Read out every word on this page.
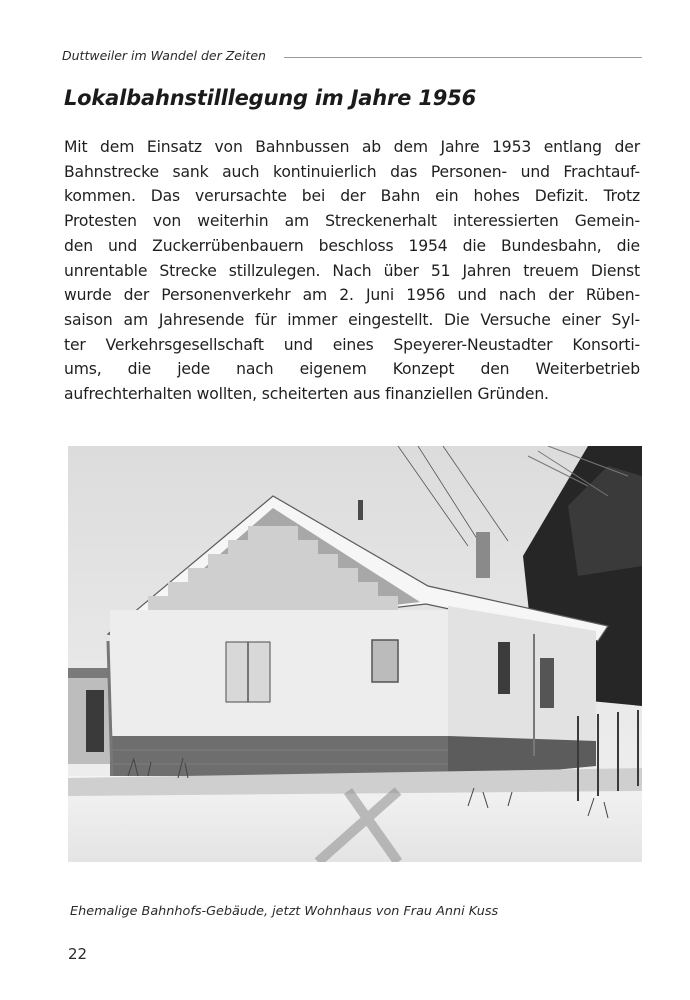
Duttweiler im Wandel der Zeiten
Lokalbahnstilllegung im Jahre 1956
Mit dem Einsatz von Bahnbussen ab dem Jahre 1953 entlang der
Bahnstrecke sank auch kontinuierlich das Personen- und Frachtauf-
kommen. Das verursachte bei der Bahn ein hohes Defizit. Trotz
Protesten von weiterhin am Streckenerhalt interessierten Gemein-
den und Zuckerrübenbauern beschloss 1954 die Bundesbahn, die
unrentable Strecke stillzulegen. Nach über 51 Jahren treuem Dienst
wurde der Personenverkehr am 2. Juni 1956 und nach der Rüben-
saison am Jahresende für immer eingestellt. Die Versuche einer Syl-
ter Verkehrsgesellschaft und eines Speyerer-Neustadter Konsorti-
ums, die jede nach eigenem Konzept den Weiterbetrieb
aufrechterhalten wollten, scheiterten aus finanziellen Gründen.
Ehemalige Bahnhofs-Gebäude, jetzt Wohnhaus von Frau Anni Kuss
22
